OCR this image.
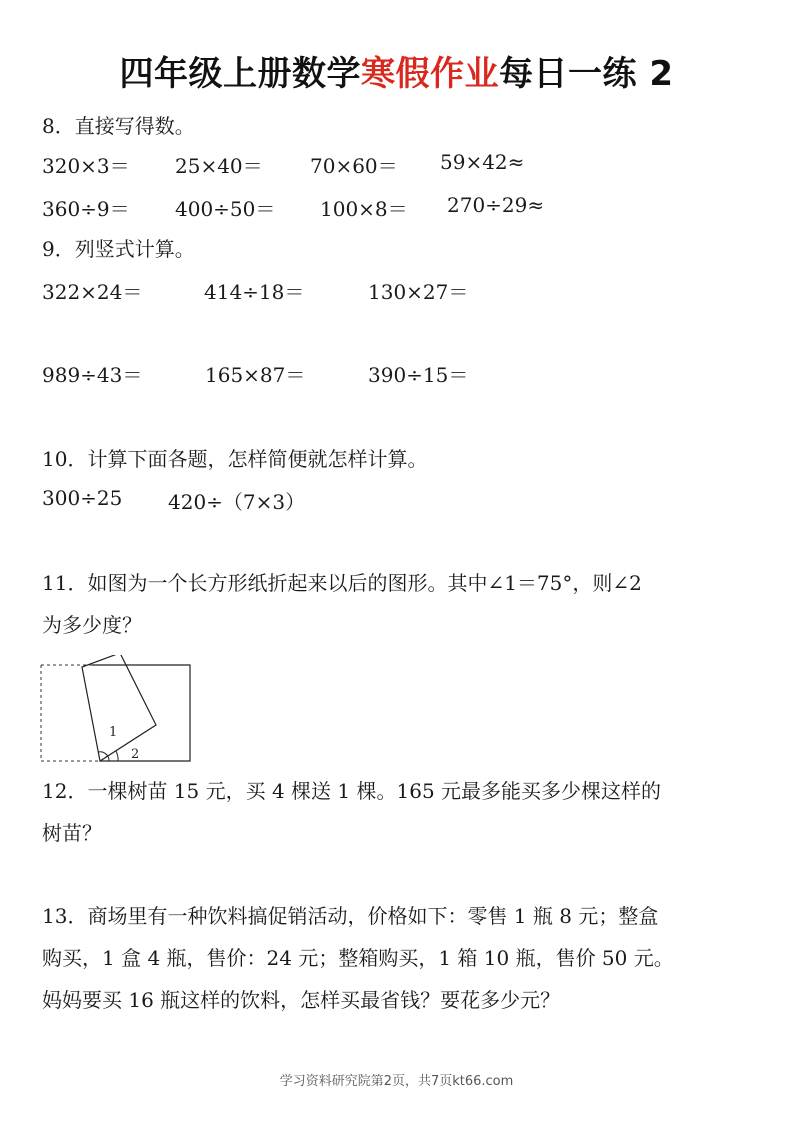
四年级上册数学寒假作业每日一练 2
8．直接写得数。
320×3＝ 25×40＝ 70×60＝ 59×42≈
360÷9＝ 400÷50＝ 100×8＝ 270÷29≈
9．列竖式计算。
322×24＝	414÷18＝	130×27＝
989÷43＝	165×87＝	390÷15＝
10．计算下面各题，怎样简便就怎样计算。
300÷25 420÷（7×3）
11．如图为一个长方形纸折起来以后的图形。其中∠1＝75°，则∠2
为多少度？
1
2
12．一棵树苗 15 元，买 4 棵送 1 棵。165 元最多能买多少棵这样的
树苗？
13．商场里有一种饮料搞促销活动，价格如下：零售 1 瓶 8 元；整盒
购买，1 盒 4 瓶，售价：24 元；整箱购买，1 箱 10 瓶，售价 50 元。
妈妈要买 16 瓶这样的饮料，怎样买最省钱？要花多少元？
学习资料研究院第2页，共7页kt66.com
